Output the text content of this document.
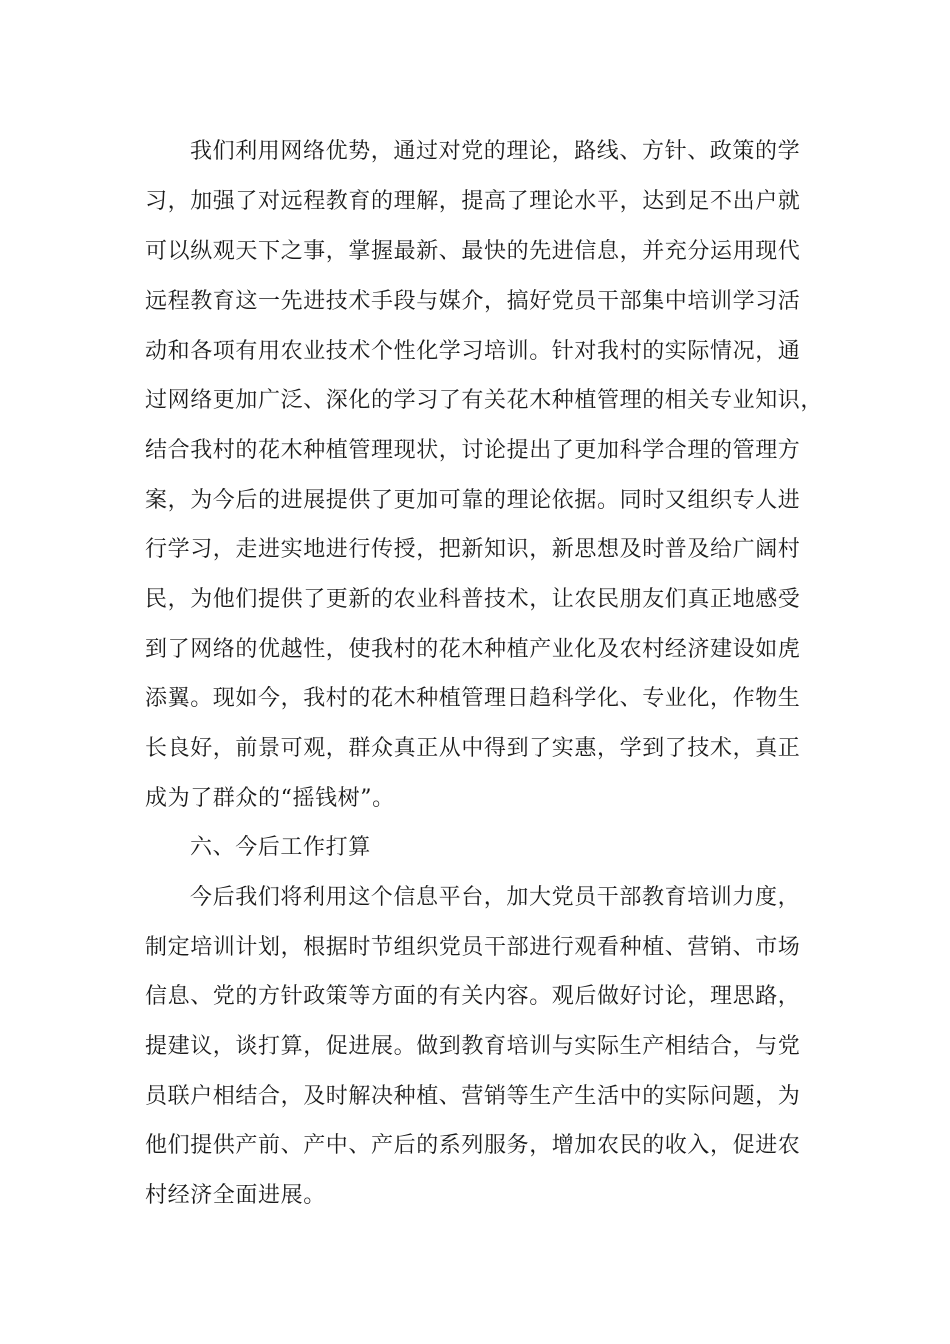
我们利用网络优势，通过对党的理论，路线、方针、政策的学
习，加强了对远程教育的理解，提高了理论水平，达到足不出户就
可以纵观天下之事，掌握最新、最快的先进信息，并充分运用现代
远程教育这一先进技术手段与媒介，搞好党员干部集中培训学习活
动和各项有用农业技术个性化学习培训。针对我村的实际情况，通
过网络更加广泛、深化的学习了有关花木种植管理的相关专业知识，
结合我村的花木种植管理现状，讨论提出了更加科学合理的管理方
案，为今后的进展提供了更加可靠的理论依据。同时又组织专人进
行学习，走进实地进行传授，把新知识，新思想及时普及给广阔村
民，为他们提供了更新的农业科普技术，让农民朋友们真正地感受
到了网络的优越性，使我村的花木种植产业化及农村经济建设如虎
添翼。现如今，我村的花木种植管理日趋科学化、专业化，作物生
长良好，前景可观，群众真正从中得到了实惠，学到了技术，真正
成为了群众的“摇钱树”。
六、今后工作打算
今后我们将利用这个信息平台，加大党员干部教育培训力度，
制定培训计划，根据时节组织党员干部进行观看种植、营销、市场
信息、党的方针政策等方面的有关内容。观后做好讨论，理思路，
提建议，谈打算，促进展。做到教育培训与实际生产相结合，与党
员联户相结合，及时解决种植、营销等生产生活中的实际问题，为
他们提供产前、产中、产后的系列服务，增加农民的收入，促进农
村经济全面进展。
